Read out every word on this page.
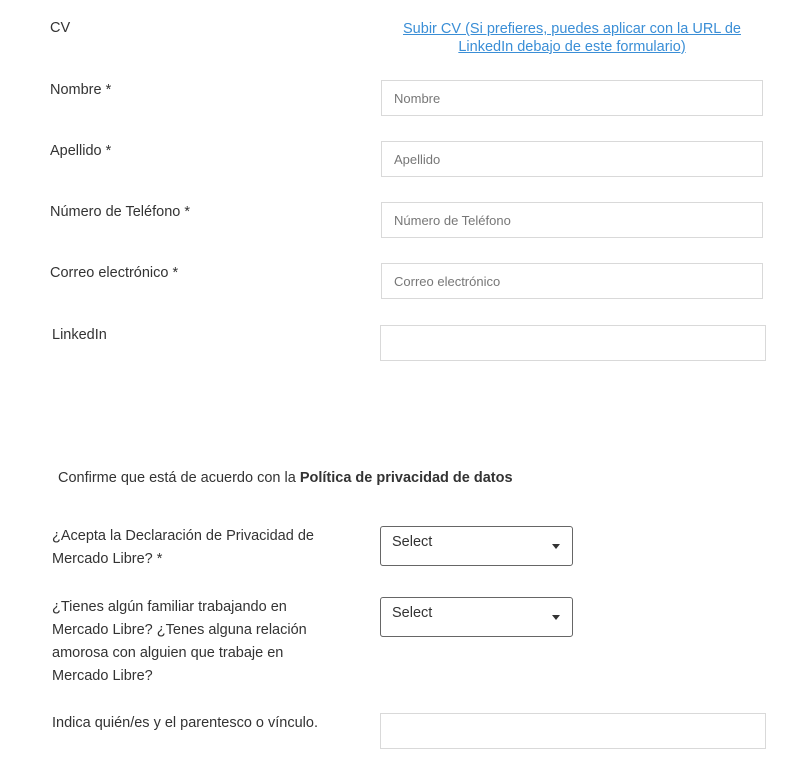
CV	Subir CV (Si prefieres, puedes aplicar con la URL de
LinkedIn debajo de este formulario)
Nombre *
Nombre
Apellido *
Apellido
Número de Teléfono *
Número de Teléfono
Correo electrónico *
Correo electrónico
LinkedIn
Confirme que está de acuerdo con la Política de privacidad de datos
¿Acepta la Declaración de Privacidad de
Mercado Libre? *
Select
¿Tienes algún familiar trabajando en
Mercado Libre? ¿Tenes alguna relación
amorosa con alguien que trabaje en
Mercado Libre?
Select
Indica quién/es y el parentesco o vínculo.
